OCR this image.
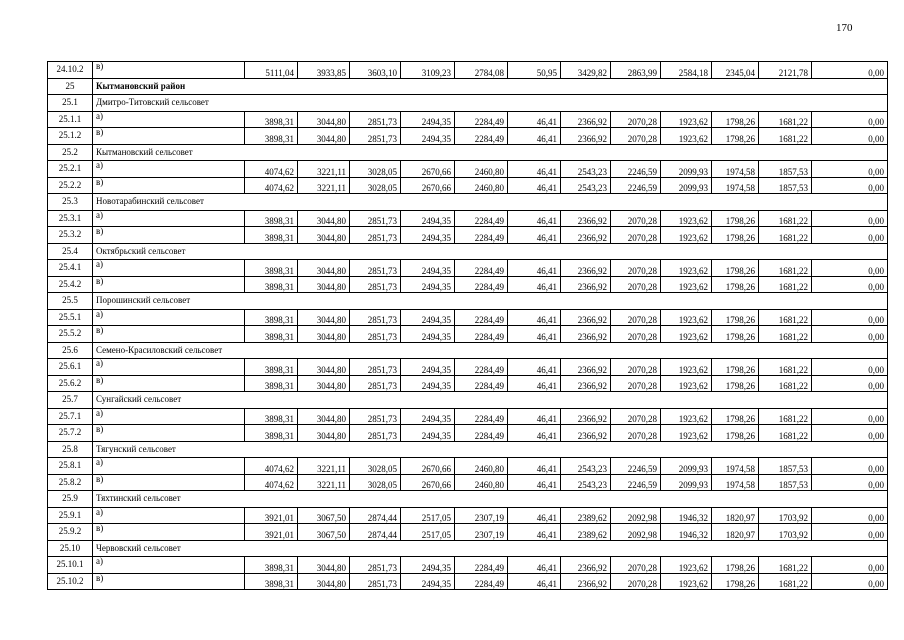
170
24.10.2	в)	5111,04	3933,85	3603,10	3109,23	2784,08	50,95	3429,82	2863,99	2584,18	2345,04	2121,78	0,00
25	Кытмановский район												
25.1	Дмитро-Титовский сельсовет												
25.1.1	а)	3898,31	3044,80	2851,73	2494,35	2284,49	46,41	2366,92	2070,28	1923,62	1798,26	1681,22	0,00
25.1.2	в)	3898,31	3044,80	2851,73	2494,35	2284,49	46,41	2366,92	2070,28	1923,62	1798,26	1681,22	0,00
25.2	Кытмановский сельсовет												
25.2.1	а)	4074,62	3221,11	3028,05	2670,66	2460,80	46,41	2543,23	2246,59	2099,93	1974,58	1857,53	0,00
25.2.2	в)	4074,62	3221,11	3028,05	2670,66	2460,80	46,41	2543,23	2246,59	2099,93	1974,58	1857,53	0,00
25.3	Новотарабинский сельсовет												
25.3.1	а)	3898,31	3044,80	2851,73	2494,35	2284,49	46,41	2366,92	2070,28	1923,62	1798,26	1681,22	0,00
25.3.2	в)	3898,31	3044,80	2851,73	2494,35	2284,49	46,41	2366,92	2070,28	1923,62	1798,26	1681,22	0,00
25.4	Октябрьский сельсовет												
25.4.1	а)	3898,31	3044,80	2851,73	2494,35	2284,49	46,41	2366,92	2070,28	1923,62	1798,26	1681,22	0,00
25.4.2	в)	3898,31	3044,80	2851,73	2494,35	2284,49	46,41	2366,92	2070,28	1923,62	1798,26	1681,22	0,00
25.5	Порошинский сельсовет												
25.5.1	а)	3898,31	3044,80	2851,73	2494,35	2284,49	46,41	2366,92	2070,28	1923,62	1798,26	1681,22	0,00
25.5.2	в)	3898,31	3044,80	2851,73	2494,35	2284,49	46,41	2366,92	2070,28	1923,62	1798,26	1681,22	0,00
25.6	Семено-Красиловский сельсовет												
25.6.1	а)	3898,31	3044,80	2851,73	2494,35	2284,49	46,41	2366,92	2070,28	1923,62	1798,26	1681,22	0,00
25.6.2	в)	3898,31	3044,80	2851,73	2494,35	2284,49	46,41	2366,92	2070,28	1923,62	1798,26	1681,22	0,00
25.7	Сунгайский сельсовет												
25.7.1	а)	3898,31	3044,80	2851,73	2494,35	2284,49	46,41	2366,92	2070,28	1923,62	1798,26	1681,22	0,00
25.7.2	в)	3898,31	3044,80	2851,73	2494,35	2284,49	46,41	2366,92	2070,28	1923,62	1798,26	1681,22	0,00
25.8	Тягунский сельсовет												
25.8.1	а)	4074,62	3221,11	3028,05	2670,66	2460,80	46,41	2543,23	2246,59	2099,93	1974,58	1857,53	0,00
25.8.2	в)	4074,62	3221,11	3028,05	2670,66	2460,80	46,41	2543,23	2246,59	2099,93	1974,58	1857,53	0,00
25.9	Тяхтинский сельсовет												
25.9.1	а)	3921,01	3067,50	2874,44	2517,05	2307,19	46,41	2389,62	2092,98	1946,32	1820,97	1703,92	0,00
25.9.2	в)	3921,01	3067,50	2874,44	2517,05	2307,19	46,41	2389,62	2092,98	1946,32	1820,97	1703,92	0,00
25.10	Червовский сельсовет												
25.10.1	а)	3898,31	3044,80	2851,73	2494,35	2284,49	46,41	2366,92	2070,28	1923,62	1798,26	1681,22	0,00
25.10.2	в)	3898,31	3044,80	2851,73	2494,35	2284,49	46,41	2366,92	2070,28	1923,62	1798,26	1681,22	0,00
